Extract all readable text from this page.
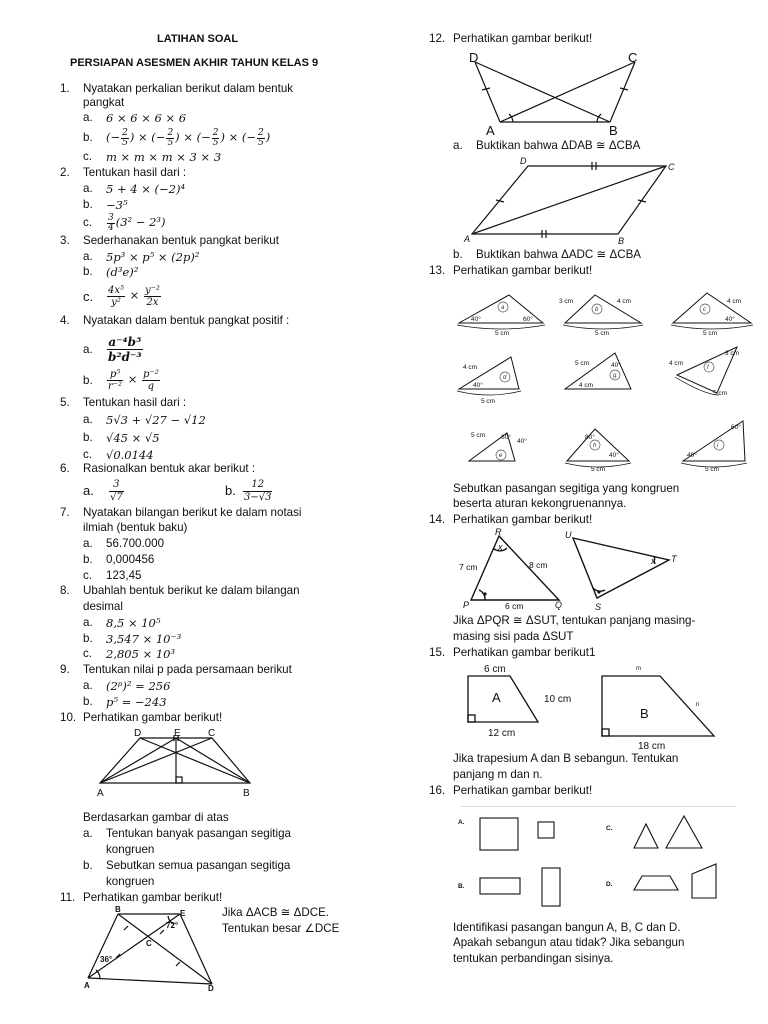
LATIHAN SOAL
PERSIAPAN ASESMEN AKHIR TAHUN KELAS 9
1. Nyatakan perkalian berikut dalam bentuk
pangkat
a. 6 × 6 × 6 × 6
b. (− $\frac{2}{5}$ ) × (− $\frac{2}{5}$ ) × (− $\frac{2}{5}$ ) × (− $\frac{2}{5}$ )
c. m × m × m × 3 × 3
2. Tentukan hasil dari :
a. 5 + 4 × (−2)⁴
b. −3⁵
c. $\frac{3}{4} (3^2 - 2^3)$
3. Sederhanakan bentuk pangkat berikut
a. 5p³ × p⁵ × (2p)²
b. (d³e)²
c. $\frac{\text{4x⁵}}{\text{y²}} \times \frac{\text{y⁻²}}{2x}$
4. Nyatakan dalam bentuk pangkat positif :
a. $\frac{\text{a⁻⁴b⁵}}{\text{b²d⁻³}}$
b. $\frac{\text{p⁵}}{\text{r⁻²}} \times \frac{\text{p⁻²}}{q}$
5. Tentukan hasil dari :
a. 5√3 + √27 − √12
b. √45 × √5
c. √0.0144
6. Rasionalkan bentuk akar berikut :
a. $\frac{3}{√7}$	b. $\frac{12}{3-√3}$
7. Nyatakan bilangan berikut ke dalam notasi
ilmiah (bentuk baku)
a. 56.700.000
b. 0,000456
c. 123,45
8. Ubahlah bentuk berikut ke dalam bilangan
desimal
a. 8,5 × 10⁵
b. 3,547 × 10⁻³
c. 2,805 × 10³
9. Tentukan nilai p pada persamaan berikut
a. (2ᵖ)² = 256
b. p⁵ = −243
10. Perhatikan gambar berikut!
D	E	C
A	B
Berdasarkan gambar di atas
a. Tentukan banyak pasangan segitiga
kongruen
b. Sebutkan semua pasangan segitiga
kongruen
11. Perhatikan gambar berikut!
Jika ΔACB ≅ ΔDCE.
Tentukan besar ∠DCE
B	E
C
A	D
72°
36°
12. Perhatikan gambar berikut!
D	C
A	B
a. Buktikan bahwa ΔDAB ≅ ΔCBA
D
C
A	B
b. Buktikan bahwa ΔADC ≅ ΔCBA
13. Perhatikan gambar berikut!
a	b	c
d	g
f
e
h	i
40°	60°
5 cm
3 cm	4 cm
5 cm
4 cm
40°
5 cm
4 cm
40°
5 cm
5 cm	40°
4 cm
3 cm
4 cm
5 cm
5 cm 60°
40°
80°
40°
5 cm
60°
40°
5 cm
Sebutkan pasangan segitiga yang kongruen
beserta aturan kekongruenannya.
14. Perhatikan gambar berikut!
R
P	Q
U
T
S
x
x
7 cm	8 cm
6 cm
Jika ΔPQR ≅ ΔSUT, tentukan panjang masing-
masing sisi pada ΔSUT
15. Perhatikan gambar berikut1
6 cm
A	10 cm
12 cm
m
B
n
18 cm
Jika trapesium A dan B sebangun. Tentukan
panjang m dan n.
16. Perhatikan gambar berikut!
A.
C.
B.	D.
Identifikasi pasangan bangun A, B, C dan D.
Apakah sebangun atau tidak? Jika sebangun
tentukan perbandingan sisinya.
